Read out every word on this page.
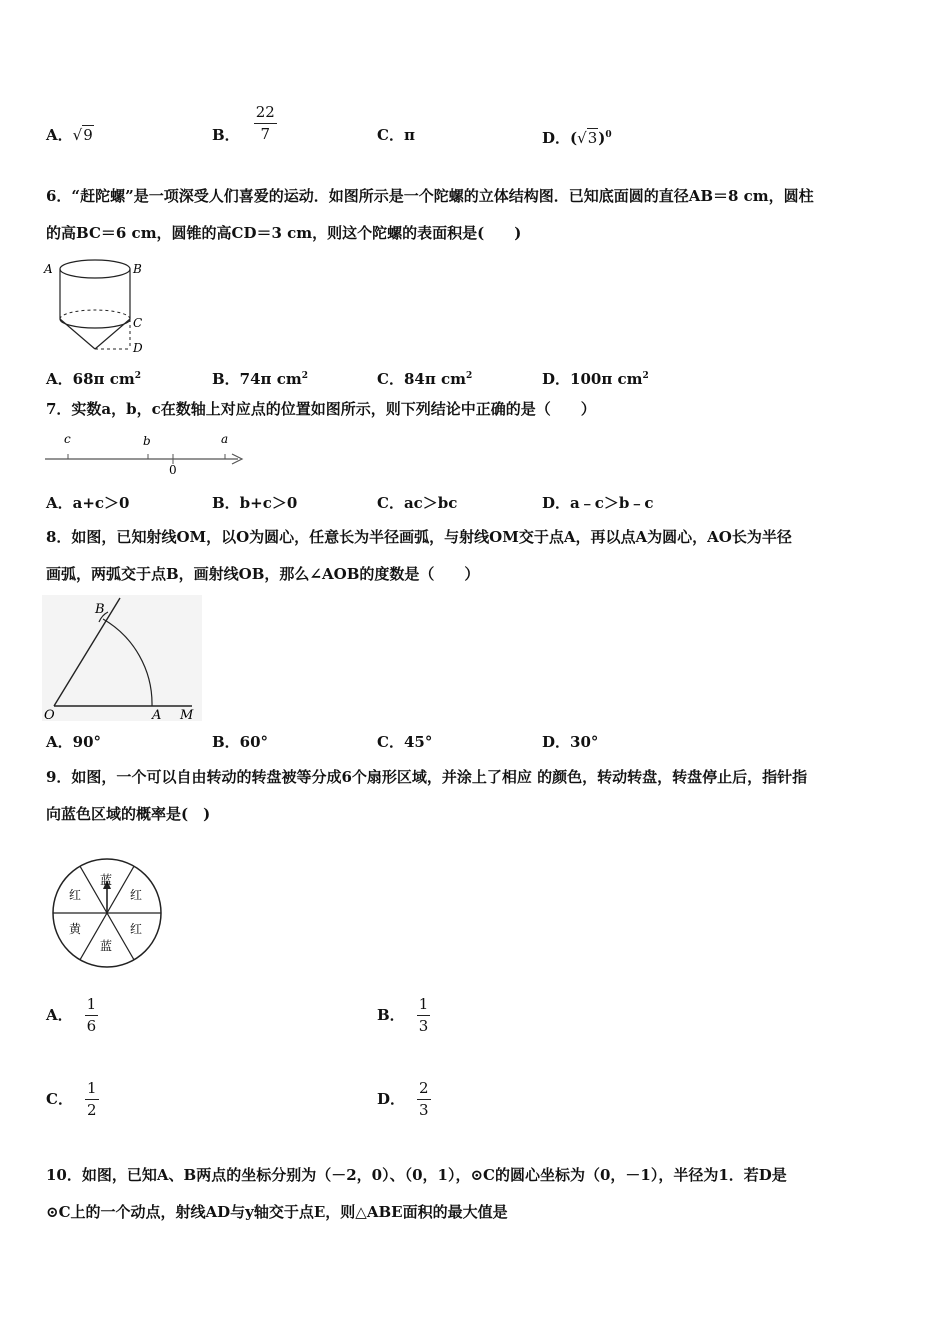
A．√9	B． $\frac{22}{7}$	C．π	D．$(√3)^0$
6．“赶陀螺”是一项深受人们喜爱的运动．如图所示是一个陀螺的立体结构图．已知底面圆的直径AB＝8 cm，圆柱
的高BC＝6 cm，圆锥的高CD＝3 cm，则这个陀螺的表面积是(　　)
A	B
C
D
A．68π $cm^2$	B．74π $cm^2$	C．84π $cm^2$	D．100π $cm^2$
7．实数a，b，c在数轴上对应点的位置如图所示，则下列结论中正确的是（　　）
c	b	a
0
A．a+c＞0	B．b+c＞0	C．ac＞bc	D．a﹣c＞b﹣c
8．如图，已知射线OM，以O为圆心，任意长为半径画弧，与射线OM交于点A，再以点A为圆心，AO长为半径
画弧，两弧交于点B，画射线OB，那么∠AOB的度数是（　　）
O
B
A M
A．90°	B．60°	C．45°	D．30°
9．如图，一个可以自由转动的转盘被等分成6个扇形区域，并涂上了相应 的颜色，转动转盘，转盘停止后，指针指
向蓝色区域的概率是(　)
蓝
红
红
蓝
黄
红
A． $\frac{1}{6}$	B． $\frac{1}{3}$
C． $\frac{1}{2}$	D． $\frac{2}{3}$
10．如图，已知A、B两点的坐标分别为（－2，0）、（0，1），⊙C的圆心坐标为（0，－1），半径为1．若D是
⊙C上的一个动点，射线AD与y轴交于点E，则△ABE面积的最大值是
